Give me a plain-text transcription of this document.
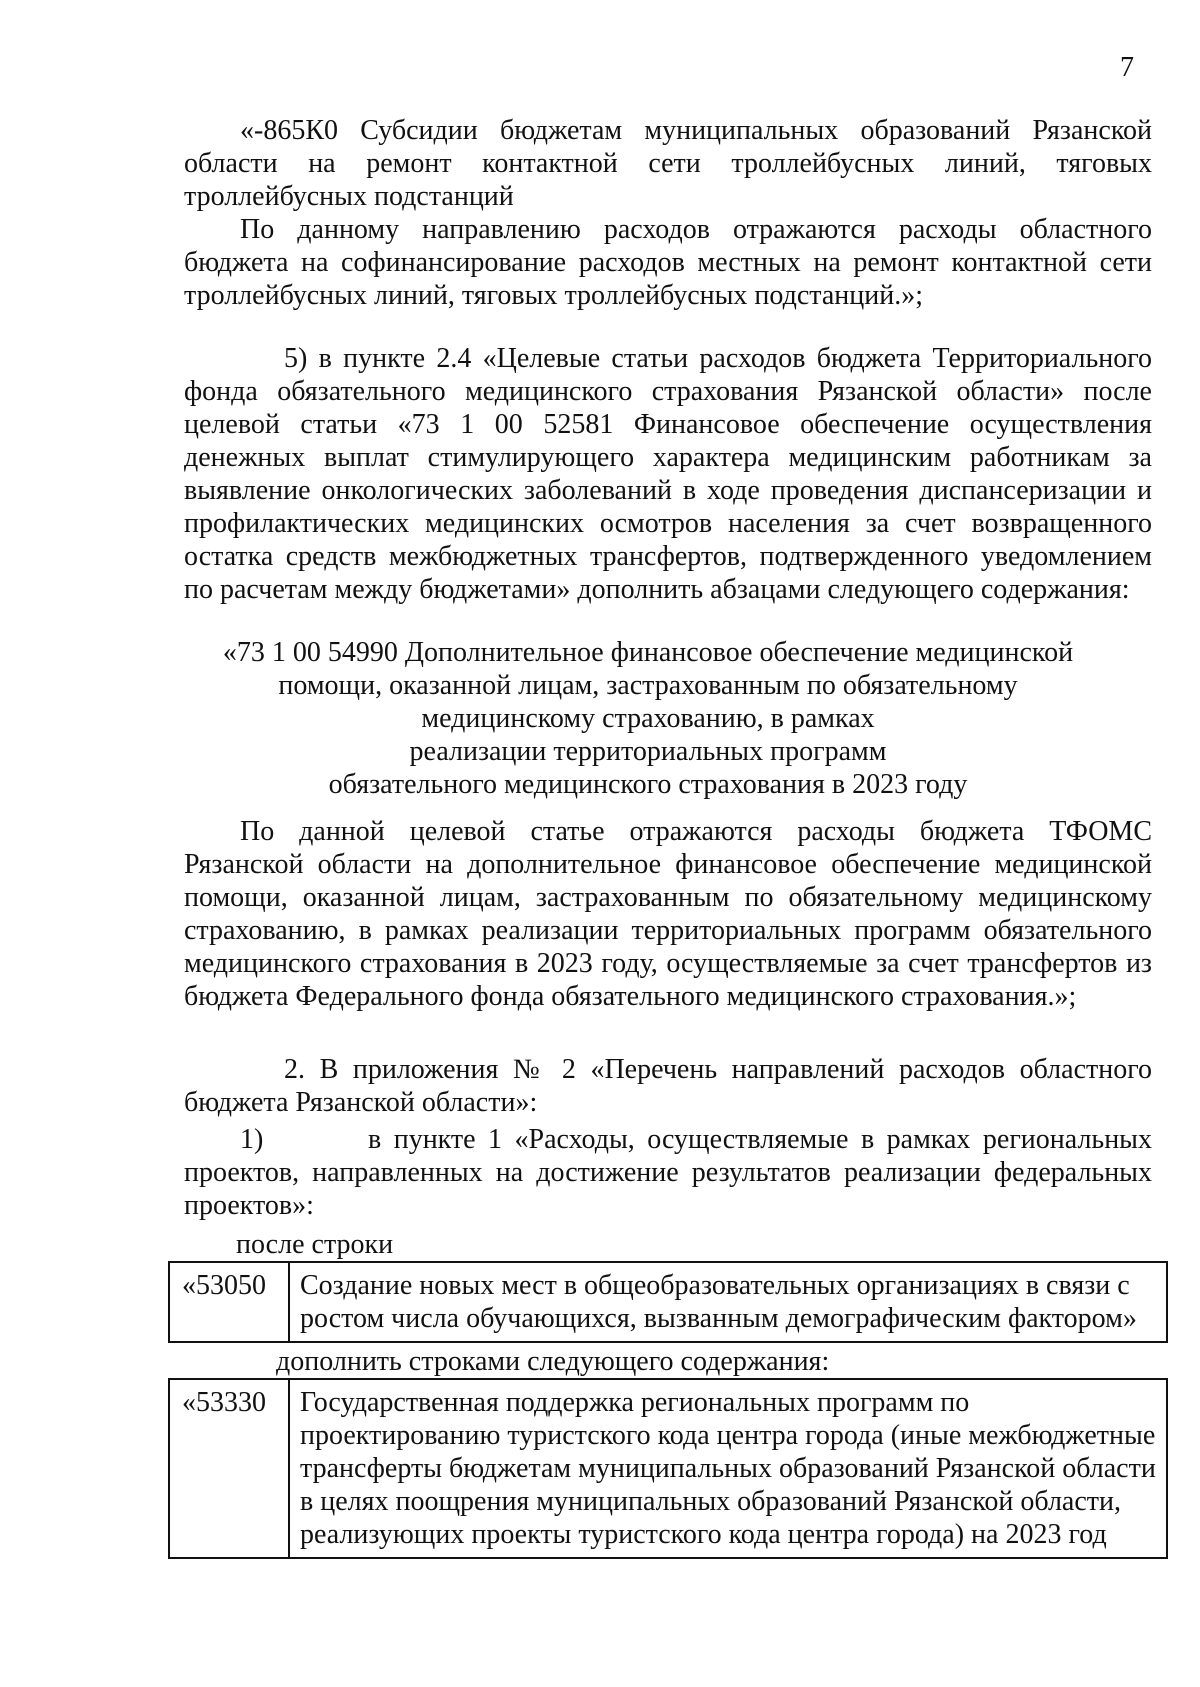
7

«-865К0 Субсидии бюджетам муниципальных образований Рязанской области на ремонт контактной сети троллейбусных линий, тяговых троллейбусных подстанций

По данному направлению расходов отражаются расходы областного бюджета на софинансирование расходов местных на ремонт контактной сети троллейбусных линий, тяговых троллейбусных подстанций.»;

5) в пункте 2.4 «Целевые статьи расходов бюджета Территориального фонда обязательного медицинского страхования Рязанской области» после целевой статьи «73 1 00 52581 Финансовое обеспечение осуществления денежных выплат стимулирующего характера медицинским работникам за выявление онкологических заболеваний в ходе проведения диспансеризации и профилактических медицинских осмотров населения за счет возвращенного остатка средств межбюджетных трансфертов, подтвержденного уведомлением по расчетам между бюджетами» дополнить абзацами следующего содержания:

«73 1 00 54990 Дополнительное финансовое обеспечение медицинской

помощи, оказанной лицам, застрахованным по обязательному

медицинскому страхованию, в рамках

реализации территориальных программ

обязательного медицинского страхования в 2023 году

По данной целевой статье отражаются расходы бюджета ТФОМС Рязанской области на дополнительное финансовое обеспечение медицинской помощи, оказанной лицам, застрахованным по обязательному медицинскому страхованию, в рамках реализации территориальных программ обязательного медицинского страхования в 2023 году, осуществляемые за счет трансфертов из бюджета Федерального фонда обязательного медицинского страхования.»;

2. В приложения № 2 «Перечень направлений расходов областного бюджета Рязанской области»:

1)	в пункте 1 «Расходы, осуществляемые в рамках региональных проектов, направленных на достижение результатов реализации федеральных проектов»:

после строки

«53050	Создание новых мест в общеобразовательных организациях в связи с ростом числа обучающихся, вызванным демографическим фактором»

дополнить строками следующего содержания:

«53330	Государственная поддержка региональных программ по проектированию туристского кода центра города (иные межбюджетные трансферты бюджетам муниципальных образований Рязанской области в целях поощрения муниципальных образований Рязанской области, реализующих проекты туристского кода центра города) на 2023 год
